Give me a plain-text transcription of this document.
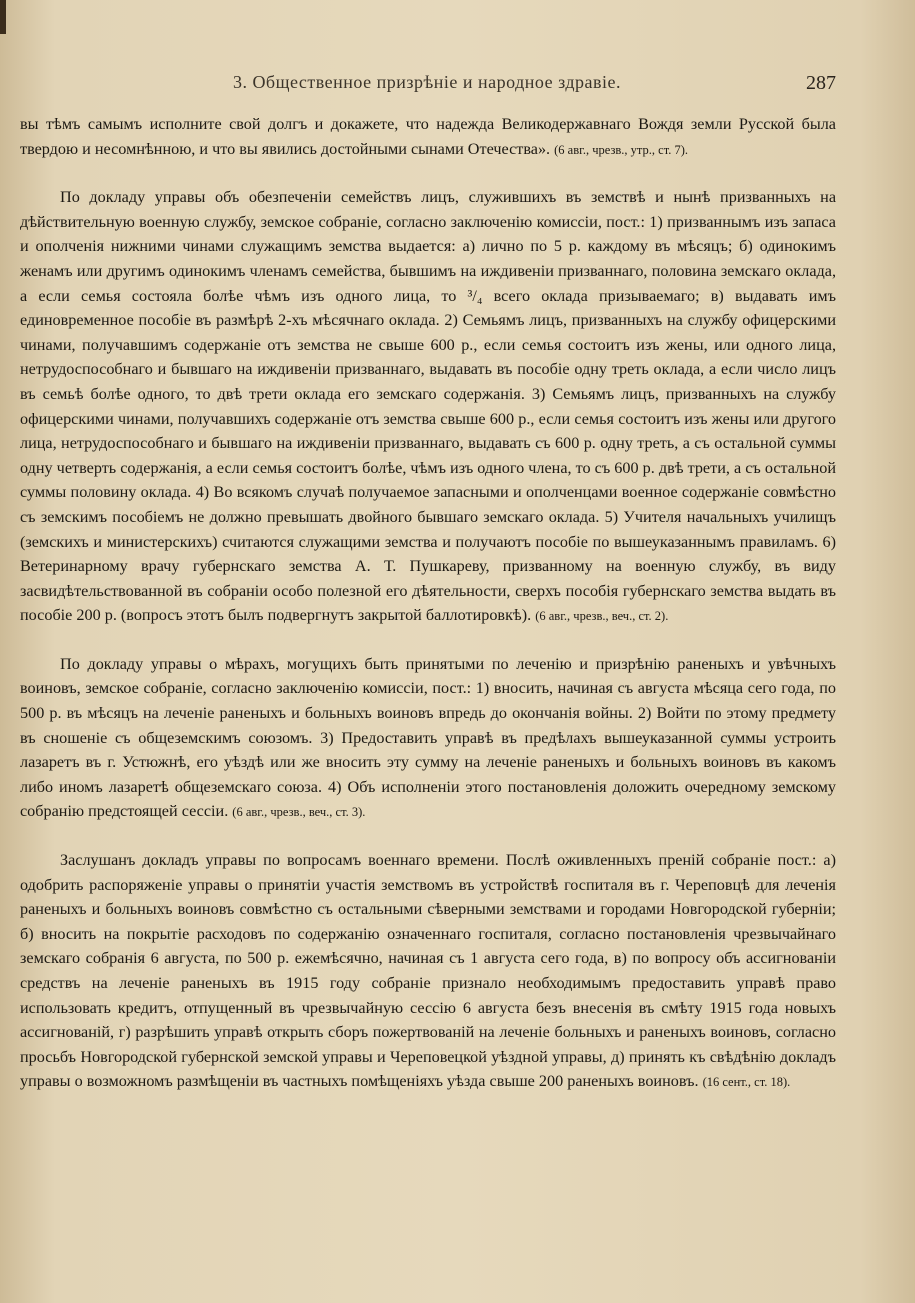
3. Общественное призрѣніе и народное здравіе.	287

вы тѣмъ самымъ исполните свой долгъ и докажете, что надежда Великодержавнаго Вождя земли Русской была твердою и несомнѣнною, и что вы явились достойными сынами Отечества». (6 авг., чрезв., утр., ст. 7).

По докладу управы объ обезпеченіи семействъ лицъ, служившихъ въ земствѣ и нынѣ призванныхъ на дѣйствительную военную службу, земское собраніе, согласно заключенію комиссіи, пост.: 1) призваннымъ изъ запаса и ополченія нижними чинами служащимъ земства выдается: а) лично по 5 р. каждому въ мѣсяцъ; б) одинокимъ женамъ или другимъ одинокимъ членамъ семейства, бывшимъ на иждивеніи призваннаго, половина земскаго оклада, а если семья состояла болѣе чѣмъ изъ одного лица, то ³/₄ всего оклада призываемаго; в) выдавать имъ единовременное пособіе въ размѣрѣ 2-хъ мѣсячнаго оклада. 2) Семьямъ лицъ, призванныхъ на службу офицерскими чинами, получавшимъ содержаніе отъ земства не свыше 600 р., если семья состоитъ изъ жены, или одного лица, нетрудоспособнаго и бывшаго на иждивеніи призваннаго, выдавать въ пособіе одну треть оклада, а если число лицъ въ семьѣ болѣе одного, то двѣ трети оклада его земскаго содержанія. 3) Семьямъ лицъ, призванныхъ на службу офицерскими чинами, получавшихъ содержаніе отъ земства свыше 600 р., если семья состоитъ изъ жены или другого лица, нетрудоспособнаго и бывшаго на иждивеніи призваннаго, выдавать съ 600 р. одну треть, а съ остальной суммы одну четверть содержанія, а если семья состоитъ болѣе, чѣмъ изъ одного члена, то съ 600 р. двѣ трети, а съ остальной суммы половину оклада. 4) Во всякомъ случаѣ получаемое запасными и ополченцами военное содержаніе совмѣстно съ земскимъ пособіемъ не должно превышать двойного бывшаго земскаго оклада. 5) Учителя начальныхъ училищъ (земскихъ и министерскихъ) считаются служащими земства и получаютъ пособіе по вышеуказаннымъ правиламъ. 6) Ветеринарному врачу губернскаго земства А. Т. Пушкареву, призванному на военную службу, въ виду засвидѣтельствованной въ собраніи особо полезной его дѣятельности, сверхъ пособія губернскаго земства выдать въ пособіе 200 р. (вопросъ этотъ былъ подвергнутъ закрытой баллотировкѣ). (6 авг., чрезв., веч., ст. 2).

По докладу управы о мѣрахъ, могущихъ быть принятыми по леченію и призрѣнію раненыхъ и увѣчныхъ воиновъ, земское собраніе, согласно заключенію комиссіи, пост.: 1) вносить, начиная съ августа мѣсяца сего года, по 500 р. въ мѣсяцъ на леченіе раненыхъ и больныхъ воиновъ впредь до окончанія войны. 2) Войти по этому предмету въ сношеніе съ общеземскимъ союзомъ. 3) Предоставить управѣ въ предѣлахъ вышеуказанной суммы устроить лазаретъ въ г. Устюжнѣ, его уѣздѣ или же вносить эту сумму на леченіе раненыхъ и больныхъ воиновъ въ какомъ либо иномъ лазаретѣ общеземскаго союза. 4) Объ исполненіи этого постановленія доложить очередному земскому собранію предстоящей сессіи. (6 авг., чрезв., веч., ст. 3).

Заслушанъ докладъ управы по вопросамъ военнаго времени. Послѣ оживленныхъ преній собраніе пост.: а) одобрить распоряженіе управы о принятіи участія земствомъ въ устройствѣ госпиталя въ г. Череповцѣ для леченія раненыхъ и больныхъ воиновъ совмѣстно съ остальными сѣверными земствами и городами Новгородской губерніи; б) вносить на покрытіе расходовъ по содержанію означеннаго госпиталя, согласно постановленія чрезвычайнаго земскаго собранія 6 августа, по 500 р. ежемѣсячно, начиная съ 1 августа сего года, в) по вопросу объ ассигнованіи средствъ на леченіе раненыхъ въ 1915 году собраніе признало необходимымъ предоставить управѣ право использовать кредитъ, отпущенный въ чрезвычайную сессію 6 августа безъ внесенія въ смѣту 1915 года новыхъ ассигнованій, г) разрѣшить управѣ открыть сборъ пожертвованій на леченіе больныхъ и раненыхъ воиновъ, согласно просьбъ Новгородской губернской земской управы и Череповецкой уѣздной управы, д) принять къ свѣдѣнію докладъ управы о возможномъ размѣщеніи въ частныхъ помѣщеніяхъ уѣзда свыше 200 раненыхъ воиновъ. (16 сент., ст. 18).
